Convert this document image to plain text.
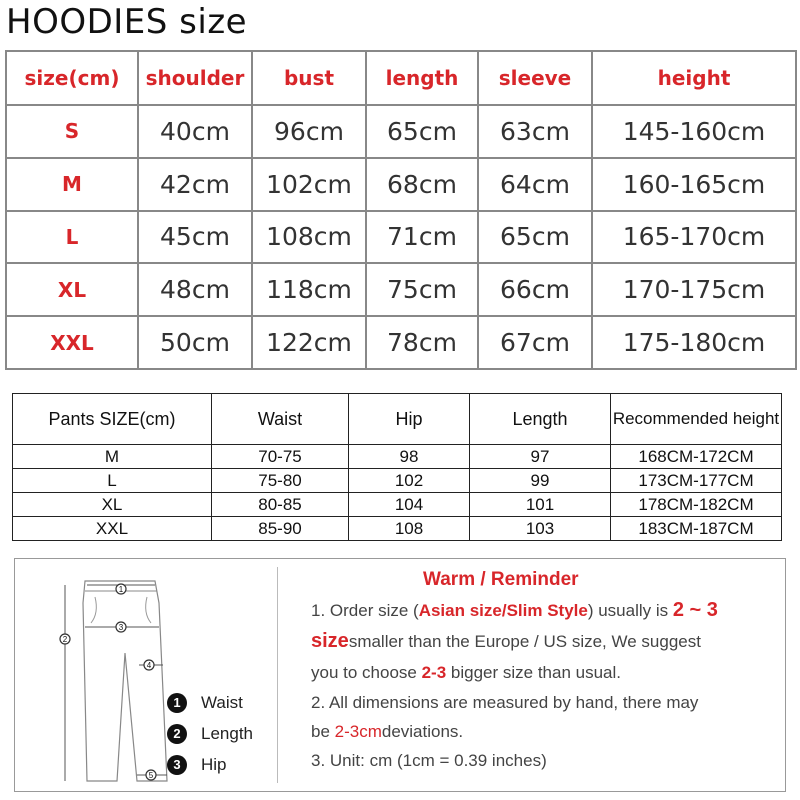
HOODIES size
size(cm)	shoulder	bust	length	sleeve	height
S	40cm	96cm	65cm	63cm	145-160cm
M	42cm	102cm	68cm	64cm	160-165cm
L	45cm	108cm	71cm	65cm	165-170cm
XL	48cm	118cm	75cm	66cm	170-175cm
XXL	50cm	122cm	78cm	67cm	175-180cm
Pants SIZE(cm)	Waist	Hip	Length	Recommended height
M	70-75	98	97	168CM-172CM
L	75-80	102	99	173CM-177CM
XL	80-85	104	101	178CM-182CM
XXL	85-90	108	103	183CM-187CM
1
3
2
4
5
1	Waist
2	Length
3	Hip
Warm / Reminder
1. Order size (Asian size/Slim Style) usually is 2 ~ 3
sizesmaller than the Europe / US size, We suggest
you to choose 2-3 bigger size than usual.
2. All dimensions are measured by hand, there may
be 2-3cmdeviations.
3. Unit: cm (1cm = 0.39 inches)
